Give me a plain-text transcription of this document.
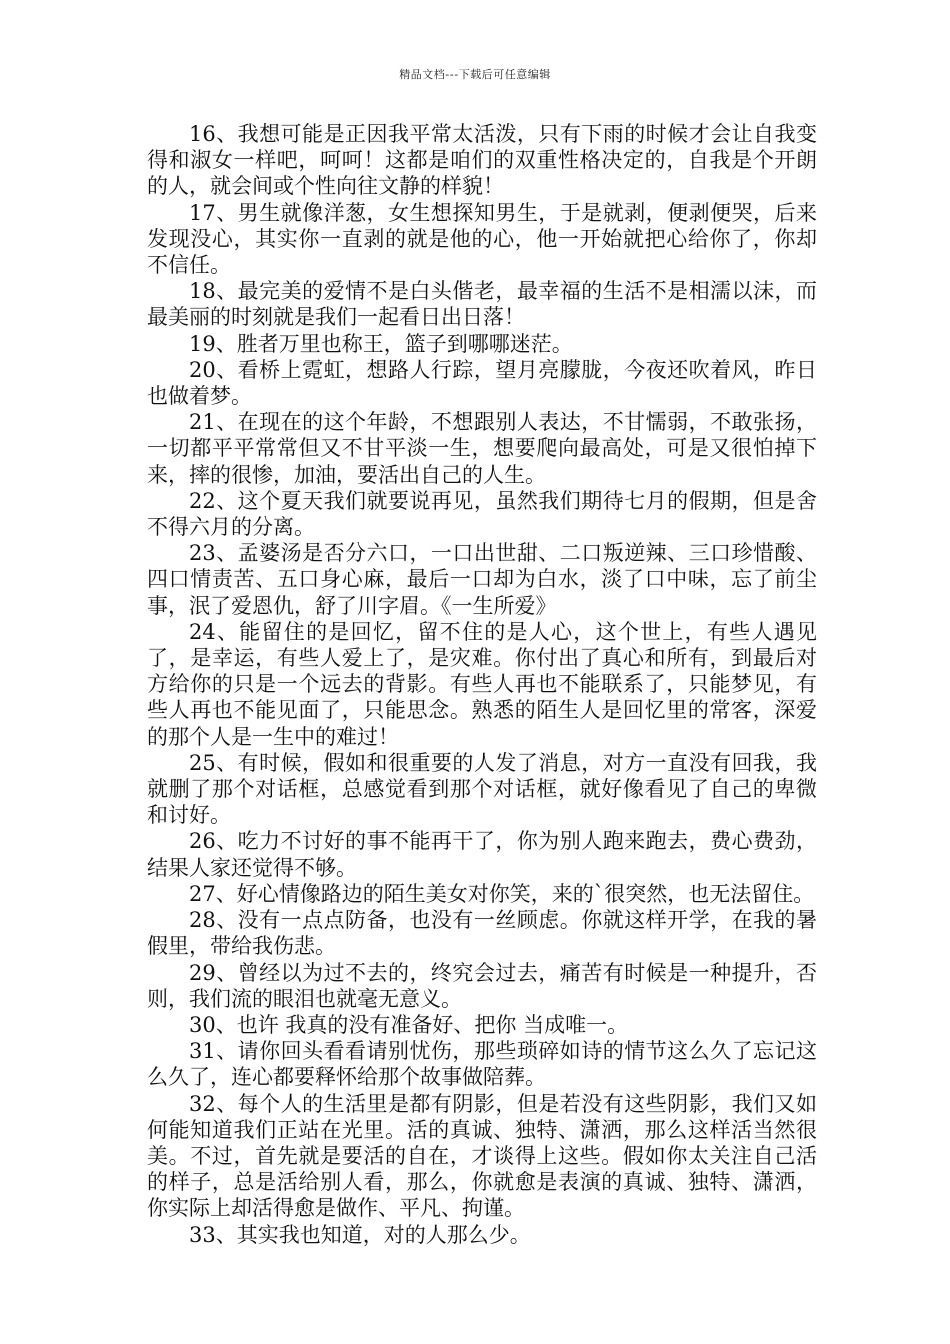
精品文档---下载后可任意编辑

16、我想可能是正因我平常太活泼，只有下雨的时候才会让自我变得和淑女一样吧，呵呵！这都是咱们的双重性格决定的，自我是个开朗的人，就会间或个性向往文静的样貌！

17、男生就像洋葱，女生想探知男生，于是就剥，便剥便哭，后来发现没心，其实你一直剥的就是他的心，他一开始就把心给你了，你却不信任。

18、最完美的爱情不是白头偕老，最幸福的生活不是相濡以沫，而最美丽的时刻就是我们一起看日出日落！

19、胜者万里也称王，篮子到哪哪迷茫。

20、看桥上霓虹，想路人行踪，望月亮朦胧，今夜还吹着风，昨日也做着梦。

21、在现在的这个年龄，不想跟别人表达，不甘懦弱，不敢张扬，一切都平平常常但又不甘平淡一生，想要爬向最高处，可是又很怕掉下来，摔的很惨，加油，要活出自己的人生。

22、这个夏天我们就要说再见，虽然我们期待七月的假期，但是舍不得六月的分离。

23、孟婆汤是否分六口，一口出世甜、二口叛逆辣、三口珍惜酸、四口情责苦、五口身心麻，最后一口却为白水，淡了口中味，忘了前尘事，泯了爱恩仇，舒了川字眉。《一生所爱》

24、能留住的是回忆，留不住的是人心，这个世上，有些人遇见了，是幸运，有些人爱上了，是灾难。你付出了真心和所有，到最后对方给你的只是一个远去的背影。有些人再也不能联系了，只能梦见，有些人再也不能见面了，只能思念。熟悉的陌生人是回忆里的常客，深爱的那个人是一生中的难过！

25、有时候，假如和很重要的人发了消息，对方一直没有回我，我就删了那个对话框，总感觉看到那个对话框，就好像看见了自己的卑微和讨好。

26、吃力不讨好的事不能再干了，你为别人跑来跑去，费心费劲，结果人家还觉得不够。

27、好心情像路边的陌生美女对你笑，来的`很突然，也无法留住。

28、没有一点点防备，也没有一丝顾虑。你就这样开学，在我的暑假里，带给我伤悲。

29、曾经以为过不去的，终究会过去，痛苦有时候是一种提升，否则，我们流的眼泪也就毫无意义。

30、也许 我真的没有准备好、把你 当成唯一。

31、请你回头看看请别忧伤，那些琐碎如诗的情节这么久了忘记这么久了，连心都要释怀给那个故事做陪葬。

32、每个人的生活里是都有阴影，但是若没有这些阴影，我们又如何能知道我们正站在光里。活的真诚、独特、潇洒，那么这样活当然很美。不过，首先就是要活的自在，才谈得上这些。假如你太关注自己活的样子，总是活给别人看，那么，你就愈是表演的真诚、独特、潇洒，你实际上却活得愈是做作、平凡、拘谨。

33、其实我也知道，对的人那么少。
